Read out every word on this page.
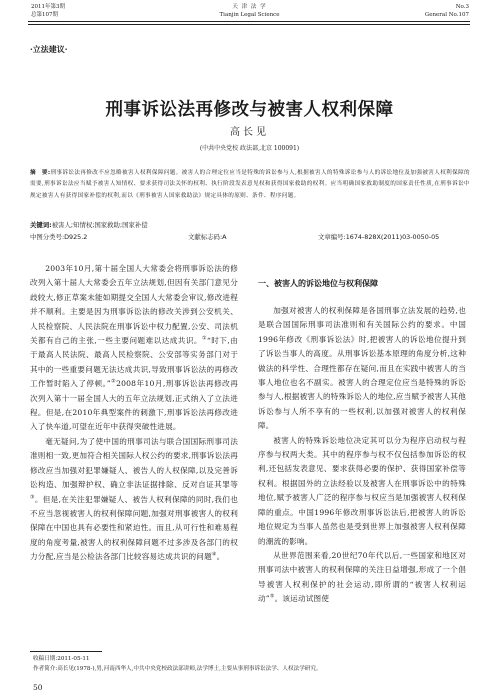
2011年第3期
总第107期
天 津 法 学
Tianjin Legal Science
No.3
General No.107
·立法建议·
刑事诉讼法再修改与被害人权利保障
高长见
(中共中央党校 政法部,北京 100091)
摘　要:刑事诉讼法再修改不应忽略被害人权利保障问题。被害人的合理定位应当是特殊的诉讼参与人,根据被害人的特殊诉讼参与人的诉讼地位及加强被害人权利保障的需要,刑事诉讼法应当赋予被害人知情权、要求获得司法关怀的权利、执行阶段发表意见权和获得国家救助的权利。应当明确国家救助制度的国家责任性质,在刑事诉讼中规定被害人有获得国家补偿的权利,而以《刑事被害人国家救助法》规定具体的原则、条件、程序问题。
关键词:被害人;知情权;国家救助;国家补偿
中图分类号:D925.2	文献标志码:A	文章编号:1674-828X(2011)03-0050-05

2003年10月,第十届全国人大常委会将刑事诉讼法的修改列入第十届人大常委会五年立法规划,但因有关部门意见分歧较大,修正草案未能如期提交全国人大常委会审议,修改进程并不顺利。主要是因为刑事诉讼法的修改关涉到公安机关、人民检察院、人民法院在刑事诉讼中权力配置,公安、司法机关都有自己的主张,一些主要问题难以达成共识。①“时下,由于最高人民法院、最高人民检察院、公安部等实务部门对于其中的一些重要问题无法达成共识,导致刑事诉讼法的再修改工作暂时陷入了停顿。”②2008年10月,刑事诉讼法再修改再次列入第十一届全国人大的五年立法规划,正式纳入了立法进程。但是,在2010年典型案件的刺激下,刑事诉讼法再修改进入了快车道,可望在近年中获得突破性进展。

毫无疑问,为了使中国的刑事司法与联合国国际刑事司法准则相一致,更加符合相关国际人权公约的要求,刑事诉讼法再修改应当加强对犯罪嫌疑人、被告人的人权保障,以及完善诉讼构造、加强辩护权、确立非法证据排除、反对自证其罪等③。但是,在关注犯罪嫌疑人、被告人权利保障的同时,我们也不应当忽视被害人的权利保障问题,加强对刑事被害人的权利保障在中国也具有必要性和紧迫性。而且,从可行性和难易程度的角度考量,被害人的权利保障问题不过多涉及各部门的权力分配,应当是公检法各部门比较容易达成共识的问题④。

一、被害人的诉讼地位与权利保障

加强对被害人的权利保障是各国刑事立法发展的趋势,也是联合国国际刑事司法准则和有关国际公约的要求。中国1996年修改《刑事诉讼法》时,把被害人的诉讼地位提升到了诉讼当事人的高度。从刑事诉讼基本原理的角度分析,这种做法的科学性、合理性都存在疑问,而且在实践中被害人的当事人地位也名不副实。被害人的合理定位应当是特殊的诉讼参与人,根据被害人的特殊诉讼人的地位,应当赋予被害人其他诉讼参与人所不享有的一些权利,以加强对被害人的权利保障。

被害人的特殊诉讼地位决定其可以分为程序启动权与程序参与权两大类。其中的程序参与权不仅包括参加诉讼的权利,还包括发表意见、要求获得必要的保护、获得国家补偿等权利。根据国外的立法经验以及被害人在刑事诉讼中的特殊地位,赋予被害人广泛的程序参与权应当是加强被害人权利保障的重点。中国1996年修改刑事诉讼法后,把被害人的诉讼地位规定为当事人虽然也是受到世界上加强被害人权利保障的潮流的影响。

从世界范围来看,20世纪70年代以后,一些国家和地区对刑事司法中被害人的权利保障的关注日益增强,形成了一个倡导被害人权利保护的社会运动,即所谓的“被害人权利运动”⑤。该运动试图使

收稿日期:2011-05-11
作者简介:高长见(1978-),男,河南西华人,中共中央党校政法部讲师,法学博士,主要从事刑事诉讼法学、人权法学研究。
50
